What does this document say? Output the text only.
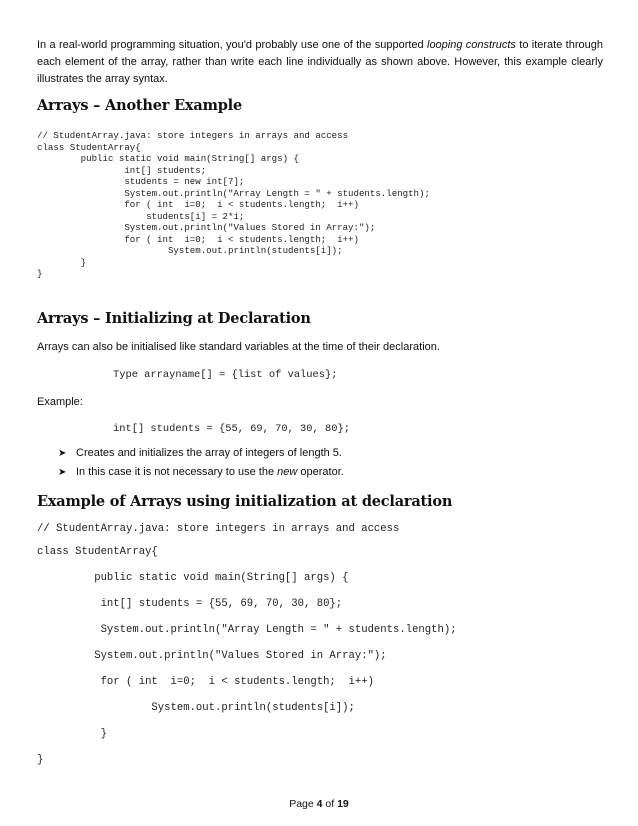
In a real-world programming situation, you'd probably use one of the supported looping constructs to iterate through each element of the array, rather than write each line individually as shown above. However, this example clearly illustrates the array syntax.

Arrays – Another Example
// StudentArray.java: store integers in arrays and access
class StudentArray{
public static void main(String[] args) {
int[] students;
students = new int[7];
System.out.println("Array Length = " + students.length);
for ( int  i=0;  i < students.length;  i++)
students[i] = 2*i;
System.out.println("Values Stored in Array:");
for ( int  i=0;  i < students.length;  i++)
System.out.println(students[i]);
}
}
Arrays – Initializing at Declaration

Arrays can also be initialised like standard variables at the time of their declaration.

Type arrayname[] = {list of values};

Example:

int[] students = {55, 69, 70, 30, 80};
➤ Creates and initializes the array of integers of length 5.
➤ In this case it is not necessary to use the new operator.
Example of Arrays using initialization at declaration
// StudentArray.java: store integers in arrays and access
class StudentArray{
public static void main(String[] args) {
int[] students = {55, 69, 70, 30, 80};
System.out.println("Array Length = " + students.length);
System.out.println("Values Stored in Array:");
for ( int  i=0;  i < students.length;  i++)
System.out.println(students[i]);
}
}
Page 4 of 19
